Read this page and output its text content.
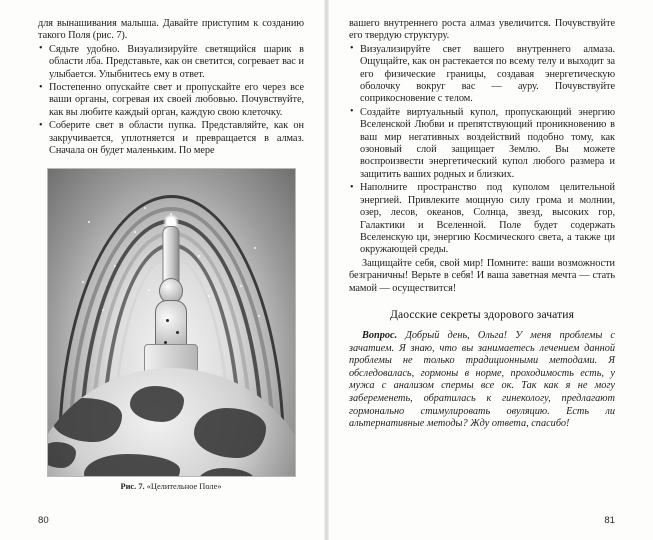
для вынашивания малыша. Давайте приступим к созданию такого Поля (рис. 7).

• Сядьте удобно. Визуализируйте светящийся шарик в области лба. Представьте, как он светится, согревает вас и улыбается. Улыбнитесь ему в ответ.
• Постепенно опускайте свет и пропускайте его через все ваши органы, согревая их своей любовью. Почувствуйте, как вы любите каждый орган, каждую свою клеточку.
• Соберите свет в области пупка. Представляйте, как он закручивается, уплотняется и превращается в алмаз. Сначала он будет маленьким. По мере
Рис. 7. «Целительное Поле»
80

вашего внутреннего роста алмаз увеличится. Почувствуйте его твердую структуру.

• Визуализируйте свет вашего внутреннего алмаза. Ощущайте, как он растекается по всему телу и выходит за его физические границы, создавая энергетическую оболочку вокруг вас — ауру. Почувствуйте соприкосновение с телом.
• Создайте виртуальный купол, пропускающий энергию Вселенской Любви и препятствующий проникновению в ваш мир негативных воздействий подобно тому, как озоновый слой защищает Землю. Вы можете воспроизвести энергетический купол любого размера и защитить ваших родных и близких.
• Наполните пространство под куполом целительной энергией. Привлеките мощную силу грома и молнии, озер, лесов, океанов, Солнца, звезд, высоких гор, Галактики и Вселенной. Поле будет содержать Вселенскую ци, энергию Космического света, а также ци окружающей среды.

Защищайте себя, свой мир! Помните: ваши возможности безграничны! Верьте в себя! И ваша заветная мечта — стать мамой — осуществится!

Даосские секреты здорового зачатия
Вопрос. Добрый день, Ольга! У меня проблемы с зачатием. Я знаю, что вы занимаетесь лечением данной проблемы не только традиционными методами. Я обследовалась, гормоны в норме, проходимость есть, у мужа с анализом спермы все ок. Так как я не могу забеременеть, обратилась к гинекологу, предлагают гормонально стимулировать овуляцию. Есть ли альтернативные методы? Жду ответа, спасибо!
81
